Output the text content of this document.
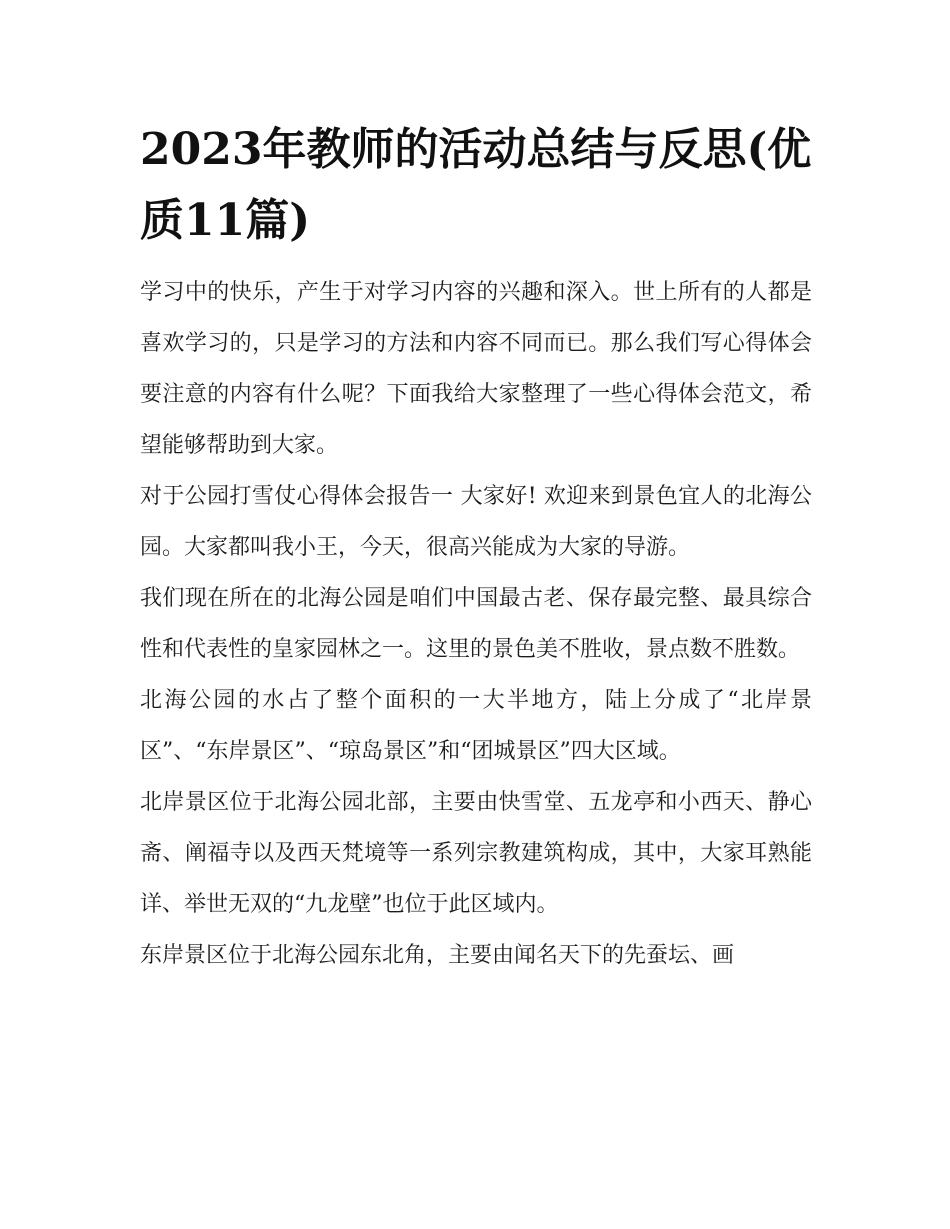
2023年教师的活动总结与反思(优质11篇)

学习中的快乐，产生于对学习内容的兴趣和深入。世上所有的人都是喜欢学习的，只是学习的方法和内容不同而已。那么我们写心得体会要注意的内容有什么呢？下面我给大家整理了一些心得体会范文，希望能够帮助到大家。

对于公园打雪仗心得体会报告一 大家好! 欢迎来到景色宜人的北海公园。大家都叫我小王，今天，很高兴能成为大家的导游。

我们现在所在的北海公园是咱们中国最古老、保存最完整、最具综合性和代表性的皇家园林之一。这里的景色美不胜收，景点数不胜数。

北海公园的水占了整个面积的一大半地方，陆上分成了“北岸景区”、“东岸景区”、“琼岛景区”和“团城景区”四大区域。

北岸景区位于北海公园北部，主要由快雪堂、五龙亭和小西天、静心斋、阐福寺以及西天梵境等一系列宗教建筑构成，其中，大家耳熟能详、举世无双的“九龙壁”也位于此区域内。

东岸景区位于北海公园东北角，主要由闻名天下的先蚕坛、画
